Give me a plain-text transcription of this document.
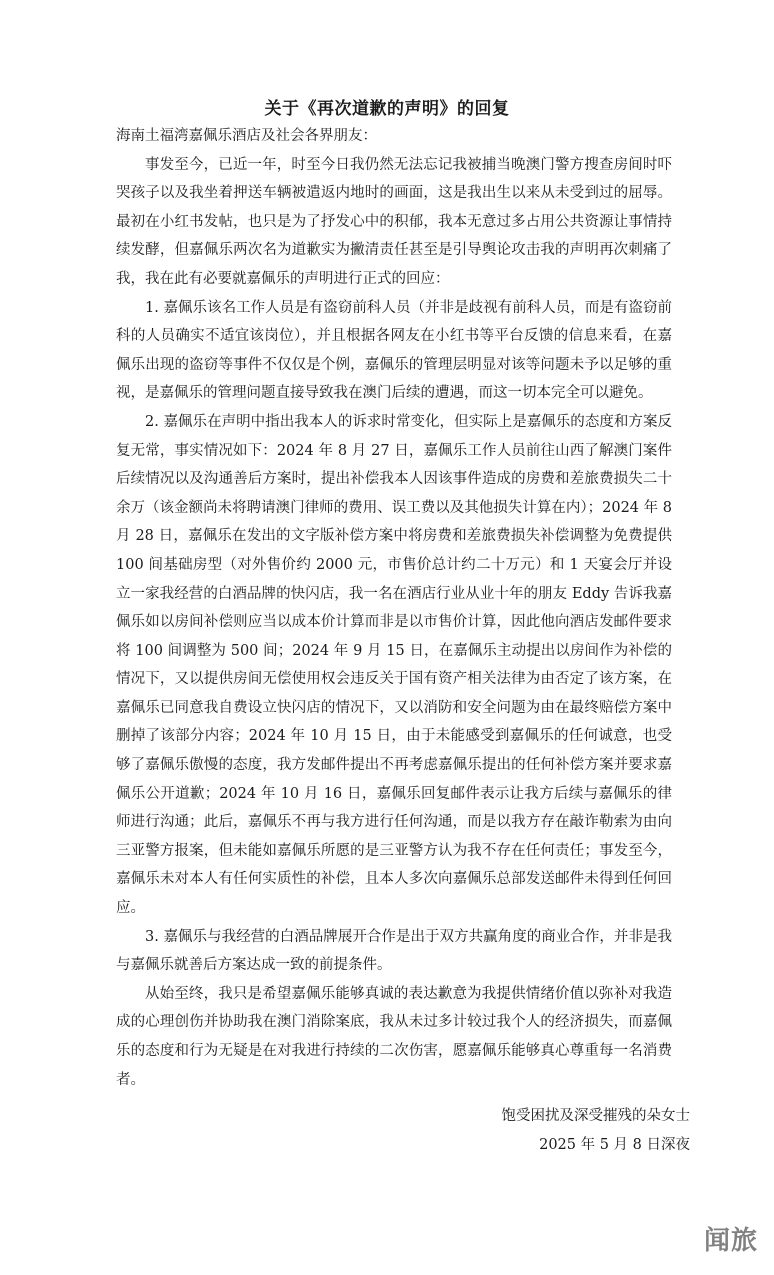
关于《再次道歉的声明》的回复

海南土福湾嘉佩乐酒店及社会各界朋友：

事发至今，已近一年，时至今日我仍然无法忘记我被捕当晚澳门警方搜查房间时吓哭孩子以及我坐着押送车辆被遣返内地时的画面，这是我出生以来从未受到过的屈辱。最初在小红书发帖，也只是为了抒发心中的积郁，我本无意过多占用公共资源让事情持续发酵，但嘉佩乐两次名为道歉实为撇清责任甚至是引导舆论攻击我的声明再次刺痛了我，我在此有必要就嘉佩乐的声明进行正式的回应：

1. 嘉佩乐该名工作人员是有盗窃前科人员（并非是歧视有前科人员，而是有盗窃前科的人员确实不适宜该岗位），并且根据各网友在小红书等平台反馈的信息来看，在嘉佩乐出现的盗窃等事件不仅仅是个例，嘉佩乐的管理层明显对该等问题未予以足够的重视，是嘉佩乐的管理问题直接导致我在澳门后续的遭遇，而这一切本完全可以避免。

2. 嘉佩乐在声明中指出我本人的诉求时常变化，但实际上是嘉佩乐的态度和方案反复无常，事实情况如下：2024 年 8 月 27 日，嘉佩乐工作人员前往山西了解澳门案件后续情况以及沟通善后方案时，提出补偿我本人因该事件造成的房费和差旅费损失二十余万（该金额尚未将聘请澳门律师的费用、误工费以及其他损失计算在内）；2024 年 8 月 28 日，嘉佩乐在发出的文字版补偿方案中将房费和差旅费损失补偿调整为免费提供 100 间基础房型（对外售价约 2000 元，市售价总计约二十万元）和 1 天宴会厅并设立一家我经营的白酒品牌的快闪店，我一名在酒店行业从业十年的朋友 Eddy 告诉我嘉佩乐如以房间补偿则应当以成本价计算而非是以市售价计算，因此他向酒店发邮件要求将 100 间调整为 500 间；2024 年 9 月 15 日，在嘉佩乐主动提出以房间作为补偿的情况下，又以提供房间无偿使用权会违反关于国有资产相关法律为由否定了该方案，在嘉佩乐已同意我自费设立快闪店的情况下，又以消防和安全问题为由在最终赔偿方案中删掉了该部分内容；2024 年 10 月 15 日，由于未能感受到嘉佩乐的任何诚意，也受够了嘉佩乐傲慢的态度，我方发邮件提出不再考虑嘉佩乐提出的任何补偿方案并要求嘉佩乐公开道歉；2024 年 10 月 16 日，嘉佩乐回复邮件表示让我方后续与嘉佩乐的律师进行沟通；此后，嘉佩乐不再与我方进行任何沟通，而是以我方存在敲诈勒索为由向三亚警方报案，但未能如嘉佩乐所愿的是三亚警方认为我不存在任何责任；事发至今，嘉佩乐未对本人有任何实质性的补偿，且本人多次向嘉佩乐总部发送邮件未得到任何回应。

3. 嘉佩乐与我经营的白酒品牌展开合作是出于双方共赢角度的商业合作，并非是我与嘉佩乐就善后方案达成一致的前提条件。

从始至终，我只是希望嘉佩乐能够真诚的表达歉意为我提供情绪价值以弥补对我造成的心理创伤并协助我在澳门消除案底，我从未过多计较过我个人的经济损失，而嘉佩乐的态度和行为无疑是在对我进行持续的二次伤害，愿嘉佩乐能够真心尊重每一名消费者。

饱受困扰及深受摧残的朵女士

2025 年 5 月 8 日深夜

闻旅
